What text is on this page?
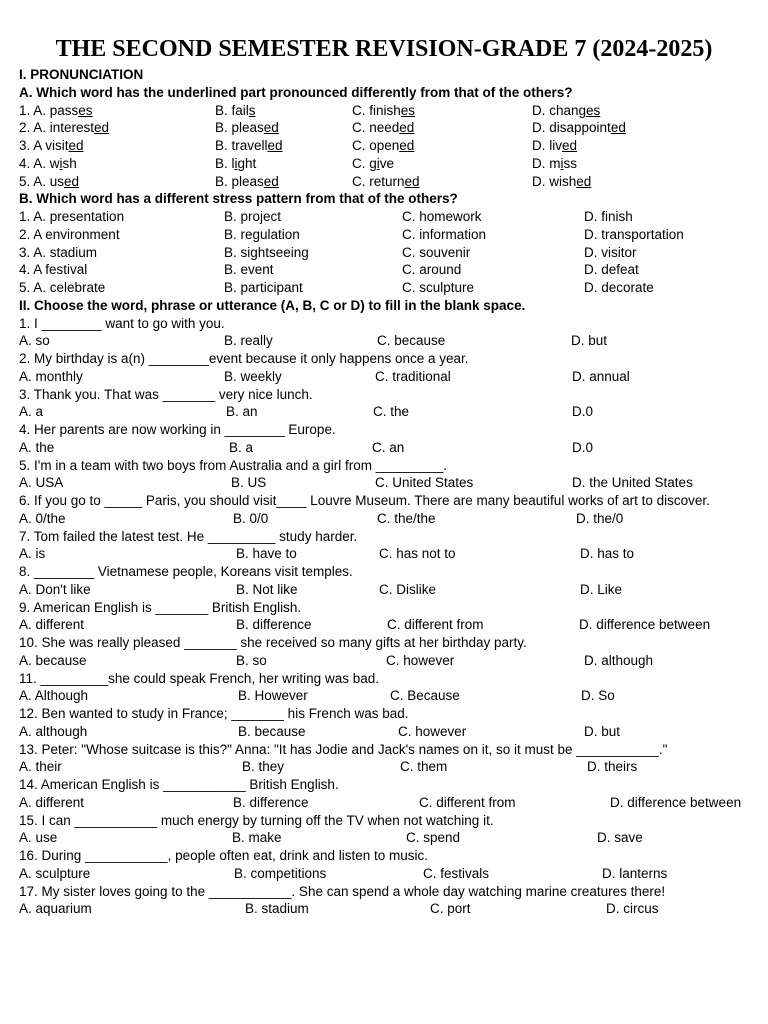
THE SECOND SEMESTER REVISION-GRADE 7 (2024-2025)
I. PRONUNCIATION
A. Which word has the underlined part pronounced differently from that of the others?
1. A. passes	B. fails	C. finishes	D. changes
2. A. interested	B. pleased	C. needed	D. disappointed
3. A visited	B. travelled	C. opened	D. lived
4. A. wish	B. light	C. give	D. miss
5. A. used	B. pleased	C. returned	D. wished
B. Which word has a different stress pattern from that of the others?
1. A. presentation	B. project	C. homework	D. finish
2. A environment	B. regulation	C. information	D. transportation
3. A. stadium	B. sightseeing	C. souvenir	D. visitor
4. A festival	B. event	C. around	D. defeat
5. A. celebrate	B. participant	C. sculpture	D. decorate
II. Choose the word, phrase or utterance (A, B, C or D) to fill in the blank space.
1. I ________ want to go with you.
A. so	B. really	C. because	D. but
2. My birthday is a(n) ________event because it only happens once a year.
A. monthly	B. weekly	C. traditional	D. annual
3. Thank you. That was _______ very nice lunch.
A. a	B. an	C. the	D.0
4. Her parents are now working in ________ Europe.
A. the	B. a	C. an	D.0
5. I'm in a team with two boys from Australia and a girl from _________.
A. USA	B. US	C. United States	D. the United States
6. If you go to _____ Paris, you should visit____ Louvre Museum. There are many beautiful works of art to discover.
A. 0/the	B. 0/0	C. the/the	D. the/0
7. Tom failed the latest test. He _________ study harder.
A. is	B. have to	C. has not to	D. has to
8. ________ Vietnamese people, Koreans visit temples.
A. Don't like	B. Not like	C. Dislike	D. Like
9. American English is _______ British English.
A. different	B. difference	C. different from	D. difference between
10. She was really pleased _______ she received so many gifts at her birthday party.
A. because	B. so	C. however	D. although
11. _________she could speak French, her writing was bad.
A. Although	B. However	C. Because	D. So
12. Ben wanted to study in France; _______ his French was bad.
A. although	B. because	C. however	D. but
13. Peter: "Whose suitcase is this?" Anna: "It has Jodie and Jack's names on it, so it must be ___________."
A. their	B. they	C. them	D. theirs
14. American English is ___________ British English.
A. different	B. difference	C. different from	D. difference between
15. I can ___________ much energy by turning off the TV when not watching it.
A. use	B. make	C. spend	D. save
16. During ___________, people often eat, drink and listen to music.
A. sculpture	B. competitions	C. festivals	D. lanterns
17. My sister loves going to the ___________. She can spend a whole day watching marine creatures there!
A. aquarium	B. stadium	C. port	D. circus
